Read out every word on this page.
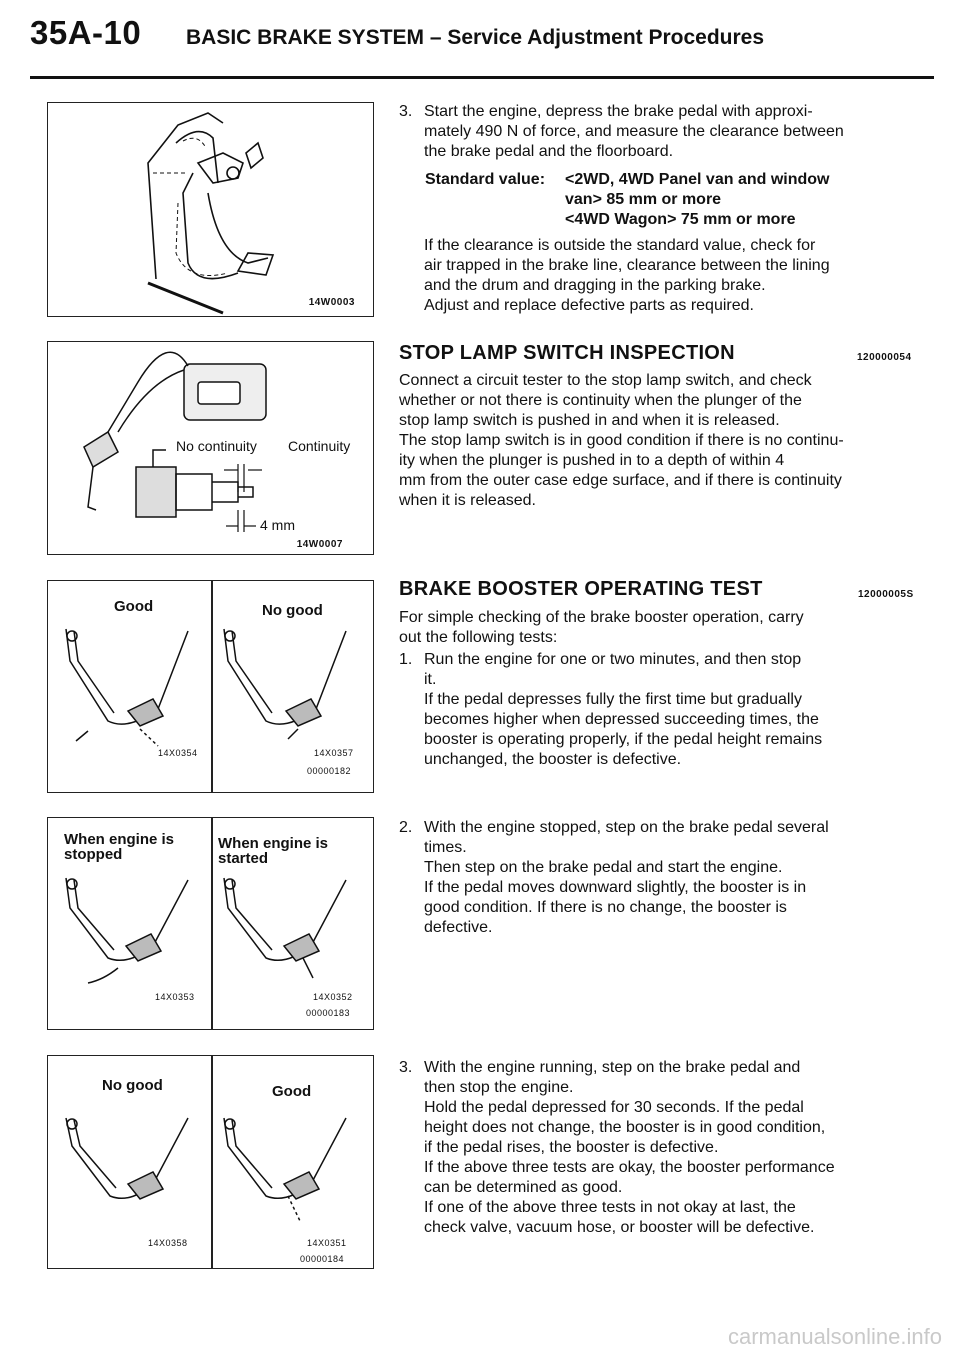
35A-10 BASIC BRAKE SYSTEM – Service Adjustment Procedures
14W0003
No continuity Continuity
4 mm
14W0007
Good	No good
14X0354	14X0357
00000182
When engine is
stopped
When engine is
started
14X0353	14X0352
00000183
No good	Good
14X0358	14X0351
00000184
3. Start the engine, depress the brake pedal with approxi-
mately 490 N of force, and measure the clearance between
the brake pedal and the floorboard.
Standard value: <2WD, 4WD Panel van and window
van> 85 mm or more
<4WD Wagon> 75 mm or more
If the clearance is outside the standard value, check for
air trapped in the brake line, clearance between the lining
and the drum and dragging in the parking brake.
Adjust and replace defective parts as required.
STOP LAMP SWITCH INSPECTION	120000054
Connect a circuit tester to the stop lamp switch, and check
whether or not there is continuity when the plunger of the
stop lamp switch is pushed in and when it is released.
The stop lamp switch is in good condition if there is no continu-
ity when the plunger is pushed in to a depth of within 4
mm from the outer case edge surface, and if there is continuity
when it is released.
BRAKE BOOSTER OPERATING TEST	12000005S
For simple checking of the brake booster operation, carry
out the following tests:
1. Run the engine for one or two minutes, and then stop
it.
If the pedal depresses fully the first time but gradually
becomes higher when depressed succeeding times, the
booster is operating properly, if the pedal height remains
unchanged, the booster is defective.
2. With the engine stopped, step on the brake pedal several
times.
Then step on the brake pedal and start the engine.
If the pedal moves downward slightly, the booster is in
good condition. If there is no change, the booster is
defective.
3. With the engine running, step on the brake pedal and
then stop the engine.
Hold the pedal depressed for 30 seconds. If the pedal
height does not change, the booster is in good condition,
if the pedal rises, the booster is defective.
If the above three tests are okay, the booster performance
can be determined as good.
If one of the above three tests in not okay at last, the
check valve, vacuum hose, or booster will be defective.
carmanualsonline.info
